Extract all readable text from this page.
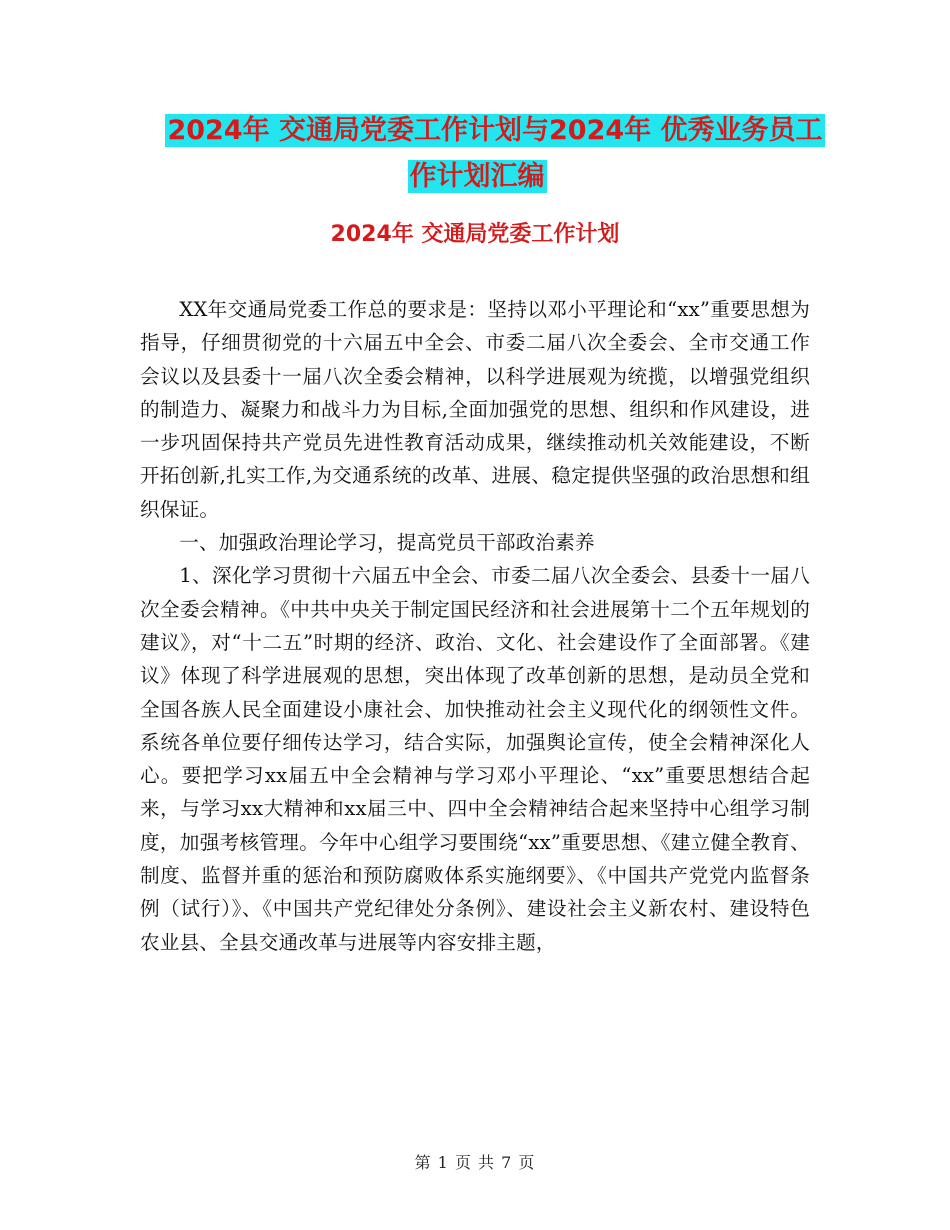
2024年 交通局党委工作计划与2024年 优秀业务员工
作计划汇编
2024年 交通局党委工作计划

XX年交通局党委工作总的要求是：坚持以邓小平理论和“xx”重要思想为指导，仔细贯彻党的十六届五中全会、市委二届八次全委会、全市交通工作会议以及县委十一届八次全委会精神，以科学进展观为统揽，以增强党组织的制造力、凝聚力和战斗力为目标,全面加强党的思想、组织和作风建设，进一步巩固保持共产党员先进性教育活动成果，继续推动机关效能建设，不断开拓创新,扎实工作,为交通系统的改革、进展、稳定提供坚强的政治思想和组织保证。

一、加强政治理论学习，提高党员干部政治素养

1、深化学习贯彻十六届五中全会、市委二届八次全委会、县委十一届八次全委会精神。《中共中央关于制定国民经济和社会进展第十二个五年规划的建议》，对“十二五”时期的经济、政治、文化、社会建设作了全面部署。《建议》体现了科学进展观的思想，突出体现了改革创新的思想，是动员全党和全国各族人民全面建设小康社会、加快推动社会主义现代化的纲领性文件。系统各单位要仔细传达学习，结合实际，加强舆论宣传，使全会精神深化人心。要把学习xx届五中全会精神与学习邓小平理论、“xx”重要思想结合起来，与学习xx大精神和xx届三中、四中全会精神结合起来坚持中心组学习制度，加强考核管理。今年中心组学习要围绕“xx”重要思想、《建立健全教育、制度、监督并重的惩治和预防腐败体系实施纲要》、《中国共产党党内监督条例（试行）》、《中国共产党纪律处分条例》、建设社会主义新农村、建设特色农业县、全县交通改革与进展等内容安排主题，

第 1 页 共 7 页
